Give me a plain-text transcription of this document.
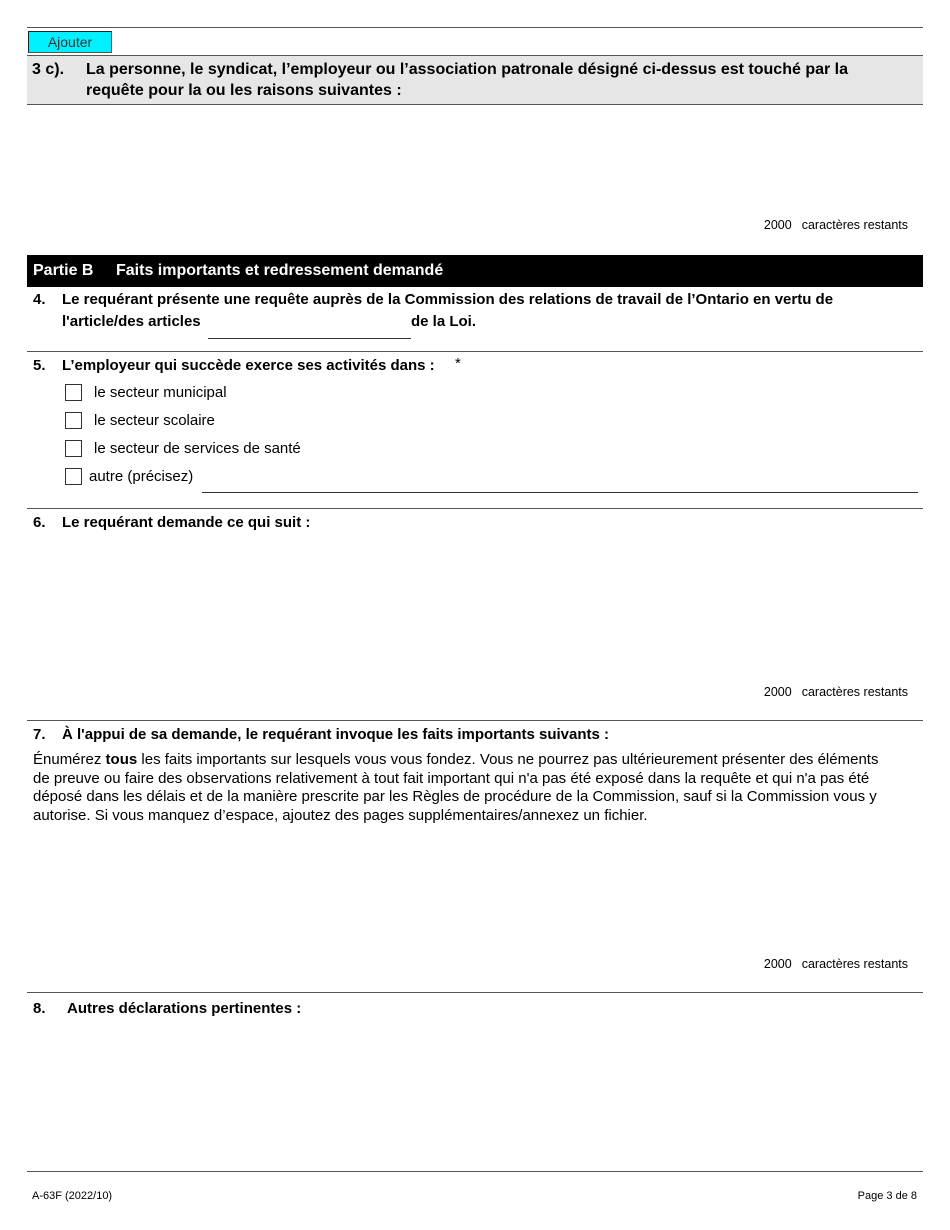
Ajouter
3 c). La personne, le syndicat, l’employeur ou l’association patronale désigné ci-dessus est touché par la
requête pour la ou les raisons suivantes :
2000 caractères restants
Partie B Faits importants et redressement demandé
4. Le requérant présente une requête auprès de la Commission des relations de travail de l’Ontario en vertu de
l'article/des articles	de la Loi.
5. L’employeur qui succède exerce ses activités dans : *
le secteur municipal
le secteur scolaire
le secteur de services de santé
autre (précisez)
6. Le requérant demande ce qui suit :
2000 caractères restants
7. À l'appui de sa demande, le requérant invoque les faits importants suivants :
Énumérez tous les faits importants sur lesquels vous vous fondez. Vous ne pourrez pas ultérieurement présenter des éléments
de preuve ou faire des observations relativement à tout fait important qui n'a pas été exposé dans la requête et qui n'a pas été
déposé dans les délais et de la manière prescrite par les Règles de procédure de la Commission, sauf si la Commission vous y
autorise. Si vous manquez d’espace, ajoutez des pages supplémentaires/annexez un fichier.
2000 caractères restants
8. Autres déclarations pertinentes :
A-63F (2022/10)	Page 3 de 8
